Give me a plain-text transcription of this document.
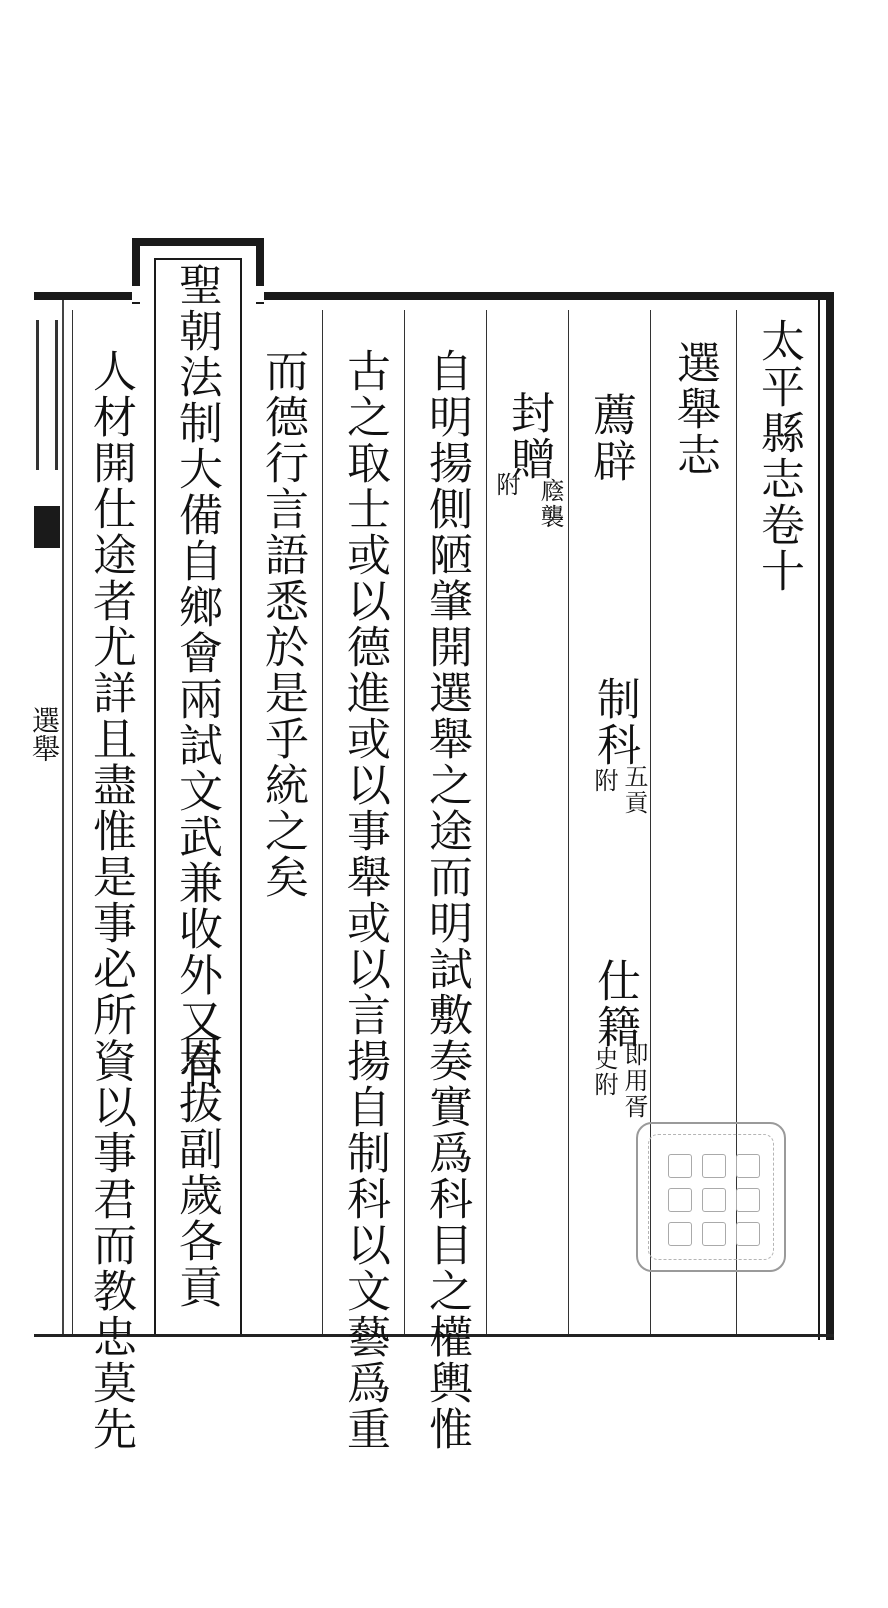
選舉
太平縣志卷十
選舉志
薦辟
制科
五貢
附
仕籍
即用胥
史附
封贈
廕襲
附
自明揚側陋肇開選舉之途而明試敷奏實爲科目之權輿惟
古之取士或以德進或以事舉或以言揚自制科以文藝爲重
而德行言語悉於是乎統之矣
聖朝法制大備自鄉會兩試文武兼收外又有
恩拔副歲各貢
人材開仕途者尤詳且盡惟是事必所資以事君而教忠莫先
